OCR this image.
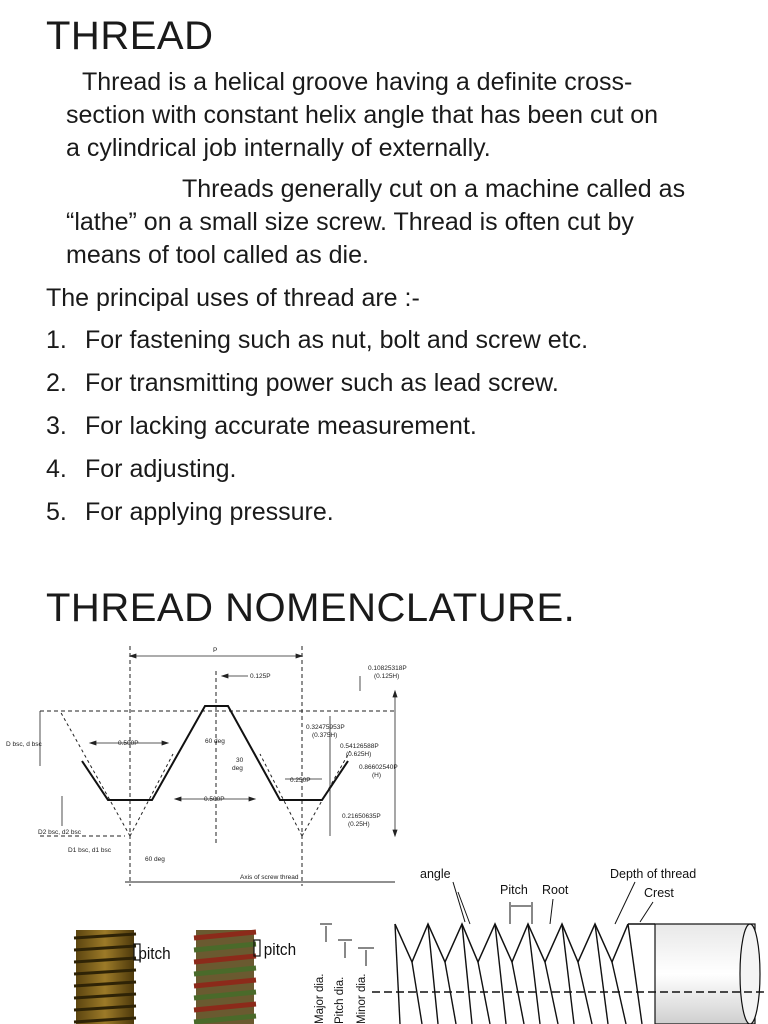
THREAD
Thread is a helical groove having a definite cross-
section with constant helix angle that has been cut on
a cylindrical job internally of externally.
Threads generally cut on a machine called as
“lathe” on a small size screw. Thread is often cut by
means of tool called as die.
The principal uses of thread are :-
1. For fastening such as nut, bolt and screw etc.
2. For transmitting power such as lead screw.
3. For lacking accurate measurement.
4. For adjusting.
5. For applying pressure.
THREAD NOMENCLATURE.
P
0.125P
0.10825318P
(0.125H)
0.32475953P
(0.375H)
0.54126588P
(0.625H)
0.86602540P
(H)
0.21650635P
(0.25H)
D bsc, d bsc	0.500P	60 deg
30
deg
0.250P
0.500P
D2 bsc, d2 bsc
D1 bsc, d1 bsc
60 deg
Axis of screw thread
pitch	pitch
angle
Pitch Root
Depth of thread
Crest
Major dia. Pitch dia. Minor dia.
